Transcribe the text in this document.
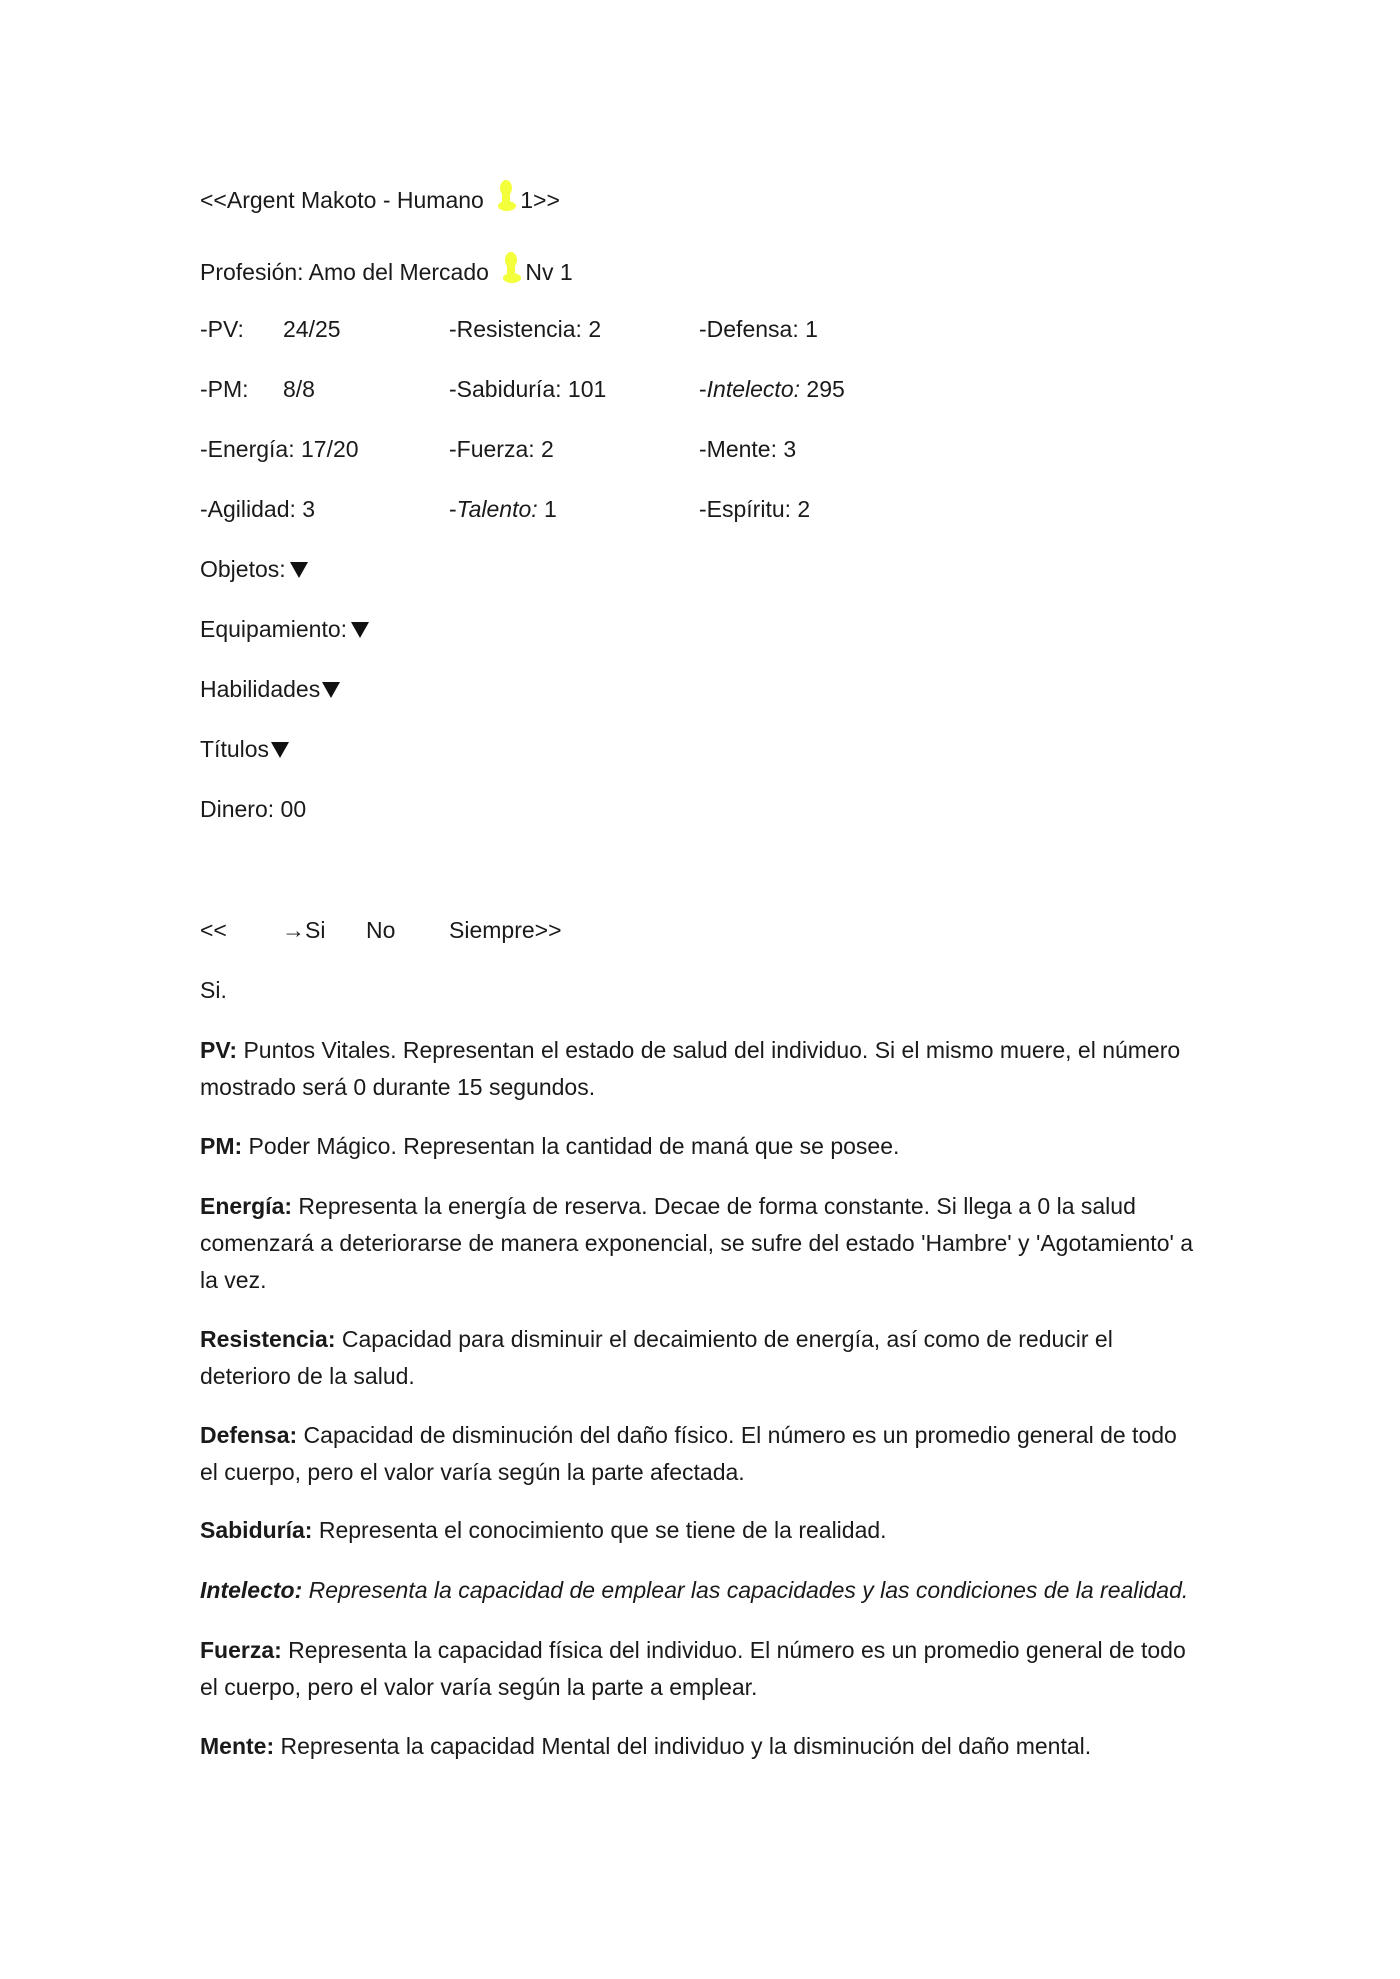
<<Argent Makoto - Humano
1>>
Profesión: Amo del Mercado
Nv 1
-PV: 24/25	-Resistencia: 2	-Defensa: 1
-PM: 8/8	-Sabiduría: 101	-Intelecto: 295
-Energía: 17/20	-Fuerza: 2	-Mente: 3
-Agilidad: 3	-Talento: 1	-Espíritu: 2
Objetos:
Equipamiento:
Habilidades
Títulos
Dinero: 00
<< →Si No Siempre>>
Si.
PV: Puntos Vitales. Representan el estado de salud del individuo. Si el mismo muere, el número mostrado será 0 durante 15 segundos.
PM: Poder Mágico. Representan la cantidad de maná que se posee.
Energía: Representa la energía de reserva. Decae de forma constante. Si llega a 0 la salud comenzará a deteriorarse de manera exponencial, se sufre del estado 'Hambre' y 'Agotamiento' a la vez.
Resistencia: Capacidad para disminuir el decaimiento de energía, así como de reducir el deterioro de la salud.
Defensa: Capacidad de disminución del daño físico. El número es un promedio general de todo el cuerpo, pero el valor varía según la parte afectada.
Sabiduría: Representa el conocimiento que se tiene de la realidad.
Intelecto: Representa la capacidad de emplear las capacidades y las condiciones de la realidad.
Fuerza: Representa la capacidad física del individuo. El número es un promedio general de todo el cuerpo, pero el valor varía según la parte a emplear.
Mente: Representa la capacidad Mental del individuo y la disminución del daño mental.
